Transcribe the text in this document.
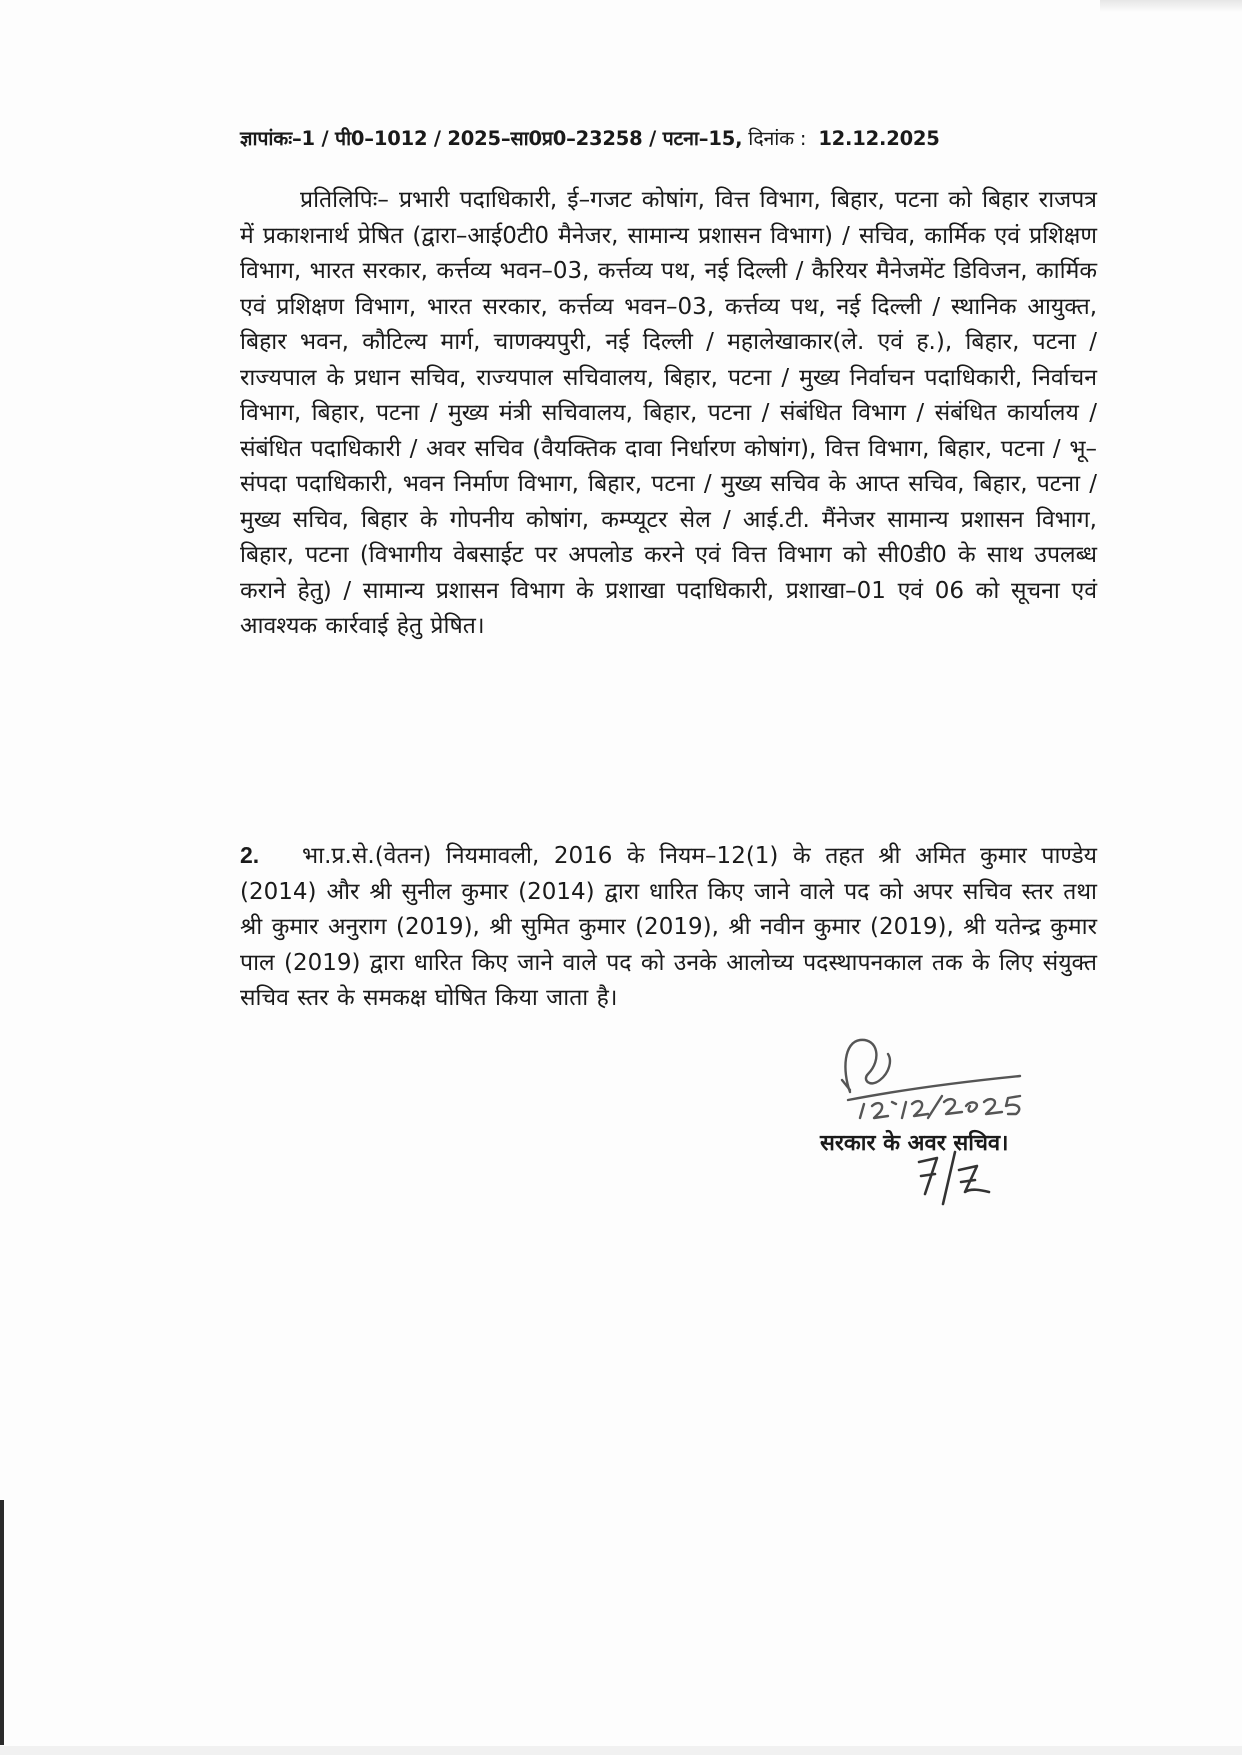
ज्ञापांकः–1 / पी0–1012 / 2025–सा0प्र0–23258 / पटना–15, दिनांक : 12.12.2025

प्रतिलिपिः– प्रभारी पदाधिकारी, ई–गजट कोषांग, वित्त विभाग, बिहार, पटना को बिहार राजपत्र में प्रकाशनार्थ प्रेषित (द्वारा–आई0टी0 मैनेजर, सामान्य प्रशासन विभाग) / सचिव, कार्मिक एवं प्रशिक्षण विभाग, भारत सरकार, कर्त्तव्य भवन–03, कर्त्तव्य पथ, नई दिल्ली / कैरियर मैनेजमेंट डिविजन, कार्मिक एवं प्रशिक्षण विभाग, भारत सरकार, कर्त्तव्य भवन–03, कर्त्तव्य पथ, नई दिल्ली / स्थानिक आयुक्त, बिहार भवन, कौटिल्य मार्ग, चाणक्यपुरी, नई दिल्ली / महालेखाकार(ले. एवं ह.), बिहार, पटना / राज्यपाल के प्रधान सचिव, राज्यपाल सचिवालय, बिहार, पटना / मुख्य निर्वाचन पदाधिकारी, निर्वाचन विभाग, बिहार, पटना / मुख्य मंत्री सचिवालय, बिहार, पटना / संबंधित विभाग / संबंधित कार्यालय / संबंधित पदाधिकारी / अवर सचिव (वैयक्तिक दावा निर्धारण कोषांग), वित्त विभाग, बिहार, पटना / भू–संपदा पदाधिकारी, भवन निर्माण विभाग, बिहार, पटना / मुख्य सचिव के आप्त सचिव, बिहार, पटना / मुख्य सचिव, बिहार के गोपनीय कोषांग, कम्प्यूटर सेल / आई.टी. मैंनेजर सामान्य प्रशासन विभाग, बिहार, पटना (विभागीय वेबसाईट पर अपलोड करने एवं वित्त विभाग को सी0डी0 के साथ उपलब्ध कराने हेतु) / सामान्य प्रशासन विभाग के प्रशाखा पदाधिकारी, प्रशाखा–01 एवं 06 को सूचना एवं आवश्यक कार्रवाई हेतु प्रेषित।

2. भा.प्र.से.(वेतन) नियमावली, 2016 के नियम–12(1) के तहत श्री अमित कुमार पाण्डेय (2014) और श्री सुनील कुमार (2014) द्वारा धारित किए जाने वाले पद को अपर सचिव स्तर तथा श्री कुमार अनुराग (2019), श्री सुमित कुमार (2019), श्री नवीन कुमार (2019), श्री यतेन्द्र कुमार पाल (2019) द्वारा धारित किए जाने वाले पद को उनके आलोच्य पदस्थापनकाल तक के लिए संयुक्त सचिव स्तर के समकक्ष घोषित किया जाता है।

सरकार के अवर सचिव।
